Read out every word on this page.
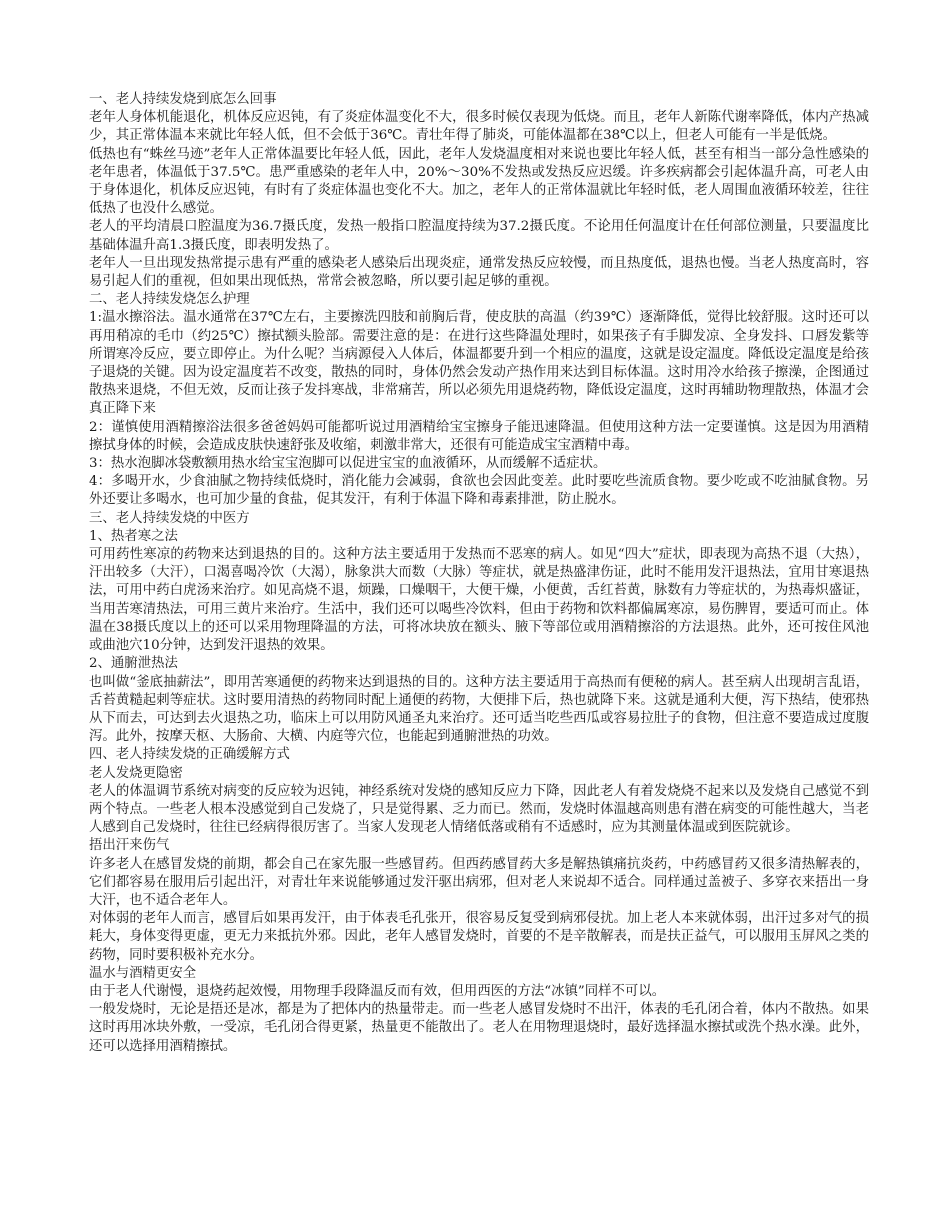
一、老人持续发烧到底怎么回事

老年人身体机能退化，机体反应迟钝，有了炎症体温变化不大，很多时候仅表现为低烧。而且，老年人新陈代谢率降低，体内产热减少，其正常体温本来就比年轻人低，但不会低于36℃。青壮年得了肺炎，可能体温都在38℃以上，但老人可能有一半是低烧。

低热也有“蛛丝马迹”老年人正常体温要比年轻人低，因此，老年人发烧温度相对来说也要比年轻人低，甚至有相当一部分急性感染的老年患者，体温低于37.5℃。患严重感染的老年人中，20%～30%不发热或发热反应迟缓。许多疾病都会引起体温升高，可老人由于身体退化，机体反应迟钝，有时有了炎症体温也变化不大。加之，老年人的正常体温就比年轻时低，老人周围血液循环较差，往往低热了也没什么感觉。

老人的平均清晨口腔温度为36.7摄氏度，发热一般指口腔温度持续为37.2摄氏度。不论用任何温度计在任何部位测量，只要温度比基础体温升高1.3摄氏度，即表明发热了。

老年人一旦出现发热常提示患有严重的感染老人感染后出现炎症，通常发热反应较慢，而且热度低，退热也慢。当老人热度高时，容易引起人们的重视，但如果出现低热，常常会被忽略，所以要引起足够的重视。

二、老人持续发烧怎么护理

1:温水擦浴法。温水通常在37℃左右，主要擦洗四肢和前胸后背，使皮肤的高温（约39℃）逐渐降低，觉得比较舒服。这时还可以再用稍凉的毛巾（约25℃）擦拭额头脸部。需要注意的是：在进行这些降温处理时，如果孩子有手脚发凉、全身发抖、口唇发紫等所谓寒冷反应，要立即停止。为什么呢？当病源侵入人体后，体温都要升到一个相应的温度，这就是设定温度。降低设定温度是给孩子退烧的关键。因为设定温度若不改变，散热的同时，身体仍然会发动产热作用来达到目标体温。这时用冷水给孩子擦澡，企图通过散热来退烧，不但无效，反而让孩子发抖寒战，非常痛苦，所以必须先用退烧药物，降低设定温度，这时再辅助物理散热，体温才会真正降下来

2：谨慎使用酒精擦浴法很多爸爸妈妈可能都听说过用酒精给宝宝擦身子能迅速降温。但使用这种方法一定要谨慎。这是因为用酒精擦拭身体的时候，会造成皮肤快速舒张及收缩，刺激非常大，还很有可能造成宝宝酒精中毒。

3：热水泡脚冰袋敷额用热水给宝宝泡脚可以促进宝宝的血液循环，从而缓解不适症状。

4：多喝开水，少食油腻之物持续低烧时，消化能力会减弱，食欲也会因此变差。此时要吃些流质食物。要少吃或不吃油腻食物。另外还要让多喝水，也可加少量的食盐，促其发汗，有利于体温下降和毒素排泄，防止脱水。

三、老人持续发烧的中医方

1、热者寒之法

可用药性寒凉的药物来达到退热的目的。这种方法主要适用于发热而不恶寒的病人。如见“四大”症状，即表现为高热不退（大热），汗出较多（大汗），口渴喜喝冷饮（大渴），脉象洪大而数（大脉）等症状，就是热盛津伤证，此时不能用发汗退热法，宜用甘寒退热法，可用中药白虎汤来治疗。如见高烧不退，烦躁，口燥咽干，大便干燥，小便黄，舌红苔黄，脉数有力等症状的，为热毒炽盛证，当用苦寒清热法，可用三黄片来治疗。生活中，我们还可以喝些冷饮料，但由于药物和饮料都偏属寒凉，易伤脾胃，要适可而止。体温在38摄氏度以上的还可以采用物理降温的方法，可将冰块放在额头、腋下等部位或用酒精擦浴的方法退热。此外，还可按住风池或曲池穴10分钟，达到发汗退热的效果。

2、通腑泄热法

也叫做“釜底抽薪法”，即用苦寒通便的药物来达到退热的目的。这种方法主要适用于高热而有便秘的病人。甚至病人出现胡言乱语，舌苔黄糙起刺等症状。这时要用清热的药物同时配上通便的药物，大便排下后，热也就降下来。这就是通利大便，泻下热结，使邪热从下而去，可达到去火退热之功，临床上可以用防风通圣丸来治疗。还可适当吃些西瓜或容易拉肚子的食物，但注意不要造成过度腹泻。此外，按摩天枢、大肠俞、大横、内庭等穴位，也能起到通腑泄热的功效。

四、老人持续发烧的正确缓解方式

老人发烧更隐密

老人的体温调节系统对病变的反应较为迟钝，神经系统对发烧的感知反应力下降，因此老人有着发烧烧不起来以及发烧自己感觉不到两个特点。一些老人根本没感觉到自己发烧了，只是觉得累、乏力而已。然而，发烧时体温越高则患有潜在病变的可能性越大，当老人感到自己发烧时，往往已经病得很厉害了。当家人发现老人情绪低落或稍有不适感时，应为其测量体温或到医院就诊。

捂出汗来伤气

许多老人在感冒发烧的前期，都会自己在家先服一些感冒药。但西药感冒药大多是解热镇痛抗炎药，中药感冒药又很多清热解表的，它们都容易在服用后引起出汗，对青壮年来说能够通过发汗驱出病邪，但对老人来说却不适合。同样通过盖被子、多穿衣来捂出一身大汗，也不适合老年人。

对体弱的老年人而言，感冒后如果再发汗，由于体表毛孔张开，很容易反复受到病邪侵扰。加上老人本来就体弱，出汗过多对气的损耗大，身体变得更虚，更无力来抵抗外邪。因此，老年人感冒发烧时，首要的不是辛散解表，而是扶正益气，可以服用玉屏风之类的药物，同时要积极补充水分。

温水与酒精更安全

由于老人代谢慢，退烧药起效慢，用物理手段降温反而有效，但用西医的方法“冰镇”同样不可以。

一般发烧时，无论是捂还是冰，都是为了把体内的热量带走。而一些老人感冒发烧时不出汗，体表的毛孔闭合着，体内不散热。如果这时再用冰块外敷，一受凉，毛孔闭合得更紧，热量更不能散出了。老人在用物理退烧时，最好选择温水擦拭或洗个热水澡。此外，还可以选择用酒精擦拭。
